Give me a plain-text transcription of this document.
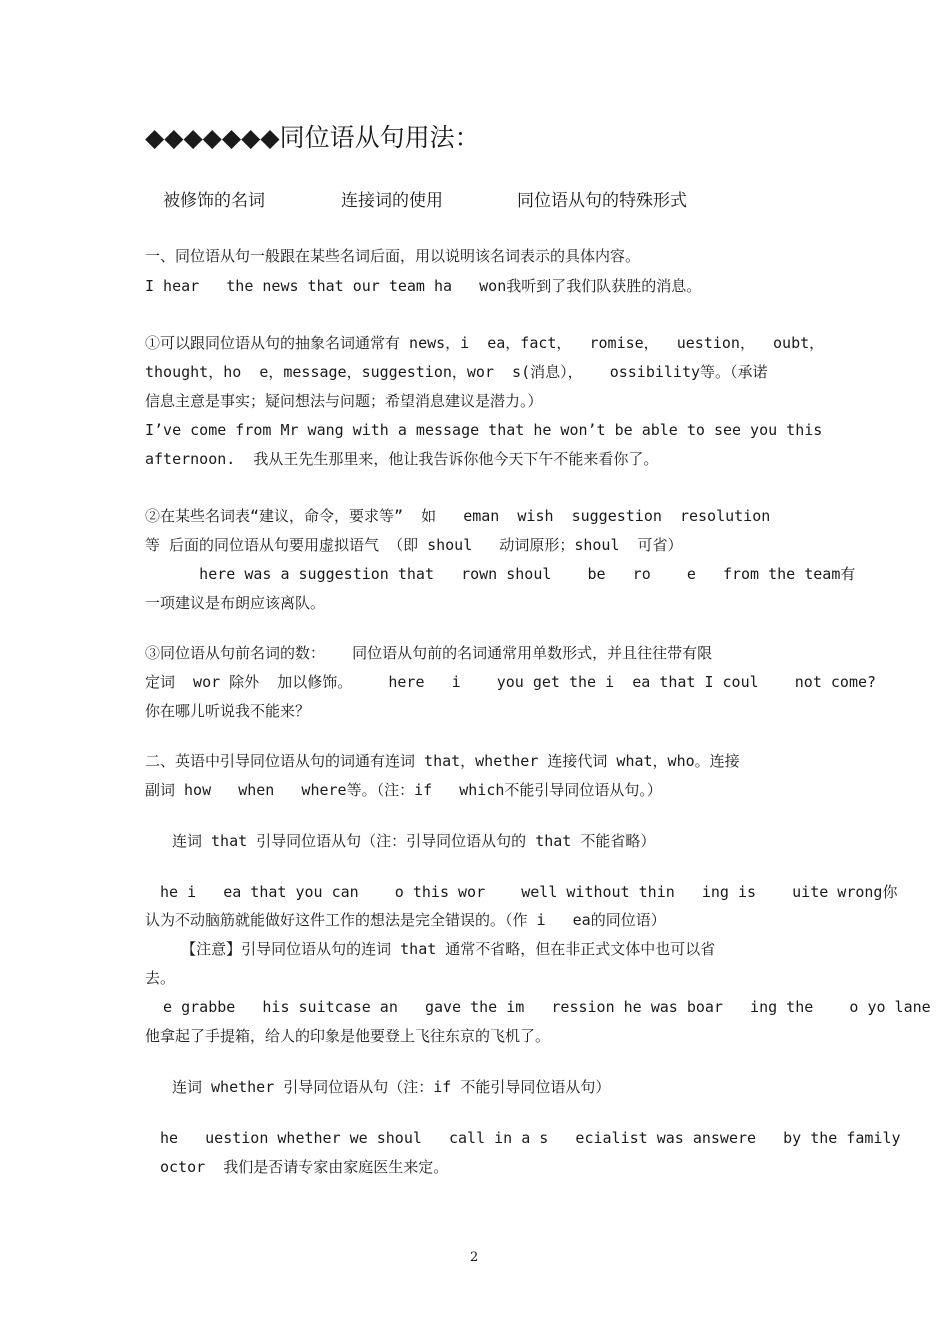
◆◆◆◆◆◆◆同位语从句用法：
被修饰的名词	连接词的使用	同位语从句的特殊形式
一、同位语从句一般跟在某些名词后面，用以说明该名词表示的具体内容。
I hear   the news that our team ha   won我听到了我们队获胜的消息。
①可以跟同位语从句的抽象名词通常有 news，i  ea，fact，  romise，  uestion，  oubt，
thought，ho  e，message，suggestion，wor  s(消息），   ossibility等。（承诺
信息主意是事实；疑问想法与问题；希望消息建议是潜力。）
I’ve come from Mr wang with a message that he won’t be able to see you this
afternoon.  我从王先生那里来，他让我告诉你他今天下午不能来看你了。
②在某些名词表“建议，命令，要求等”  如   eman  wish  suggestion  resolution
等 后面的同位语从句要用虚拟语气 （即 shoul   动词原形；shoul  可省）
here was a suggestion that   rown shoul    be   ro    e   from the team有
一项建议是布朗应该离队。
③同位语从句前名词的数：   同位语从句前的名词通常用单数形式，并且往往带有限
定词  wor 除外  加以修饰。    here   i    you get the i  ea that I coul    not come?
你在哪儿听说我不能来？
二、英语中引导同位语从句的词通有连词 that，whether 连接代词 what，who。连接
副词 how   when   where等。（注：if   which不能引导同位语从句。）
连词 that 引导同位语从句（注：引导同位语从句的 that 不能省略）
he i   ea that you can    o this wor    well without thin   ing is    uite wrong你
认为不动脑筋就能做好这件工作的想法是完全错误的。（作 i   ea的同位语）
【注意】引导同位语从句的连词 that 通常不省略，但在非正式文体中也可以省
去。
e grabbe   his suitcase an   gave the im   ression he was boar   ing the    o yo lane
他拿起了手提箱，给人的印象是他要登上飞往东京的飞机了。
连词 whether 引导同位语从句（注：if 不能引导同位语从句）
he   uestion whether we shoul   call in a s   ecialist was answere   by the family
octor  我们是否请专家由家庭医生来定。
2
